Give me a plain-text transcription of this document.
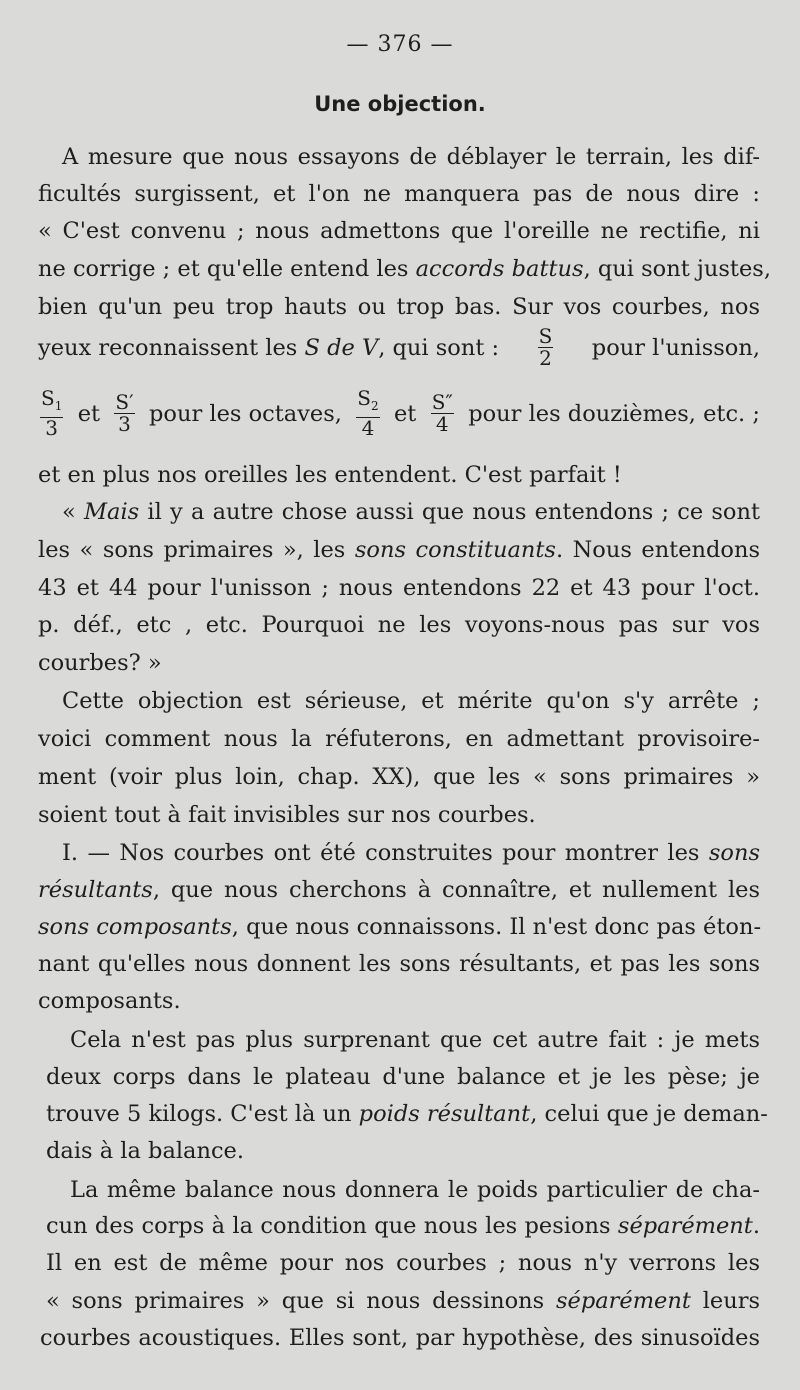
— 376 —
Une objection.
A mesure que nous essayons de déblayer le terrain, les dif-
ficultés surgissent, et l'on ne manquera pas de nous dire :
« C'est convenu ; nous admettons que l'oreille ne rectifie, ni
ne corrige ; et qu'elle entend les accords battus, qui sont justes,
bien qu'un peu trop hauts ou trop bas. Sur vos courbes, nos
yeux reconnaissent les S de V, qui sont : $\frac{S}{2}$ pour l'unisson,
$\frac{S_1}{3}$ et $\frac{S'}{3}$ pour les octaves, $\frac{S_2}{4}$ et $\frac{S''}{4}$ pour les douzièmes, etc. ;
et en plus nos oreilles les entendent. C'est parfait !
« Mais il y a autre chose aussi que nous entendons ; ce sont
les « sons primaires », les sons constituants. Nous entendons
43 et 44 pour l'unisson ; nous entendons 22 et 43 pour l'oct.
p. déf., etc , etc. Pourquoi ne les voyons-nous pas sur vos
courbes? »
Cette objection est sérieuse, et mérite qu'on s'y arrête ;
voici comment nous la réfuterons, en admettant provisoire-
ment (voir plus loin, chap. XX), que les « sons primaires »
soient tout à fait invisibles sur nos courbes.
I. — Nos courbes ont été construites pour montrer les sons
résultants, que nous cherchons à connaître, et nullement les
sons composants, que nous connaissons. Il n'est donc pas éton-
nant qu'elles nous donnent les sons résultants, et pas les sons
composants.
Cela n'est pas plus surprenant que cet autre fait : je mets
deux corps dans le plateau d'une balance et je les pèse; je
trouve 5 kilogs. C'est là un poids résultant, celui que je deman-
dais à la balance.
La même balance nous donnera le poids particulier de cha-
cun des corps à la condition que nous les pesions séparément.
Il en est de même pour nos courbes ; nous n'y verrons les
« sons primaires » que si nous dessinons séparément leurs
courbes acoustiques. Elles sont, par hypothèse, des sinusoïdes
